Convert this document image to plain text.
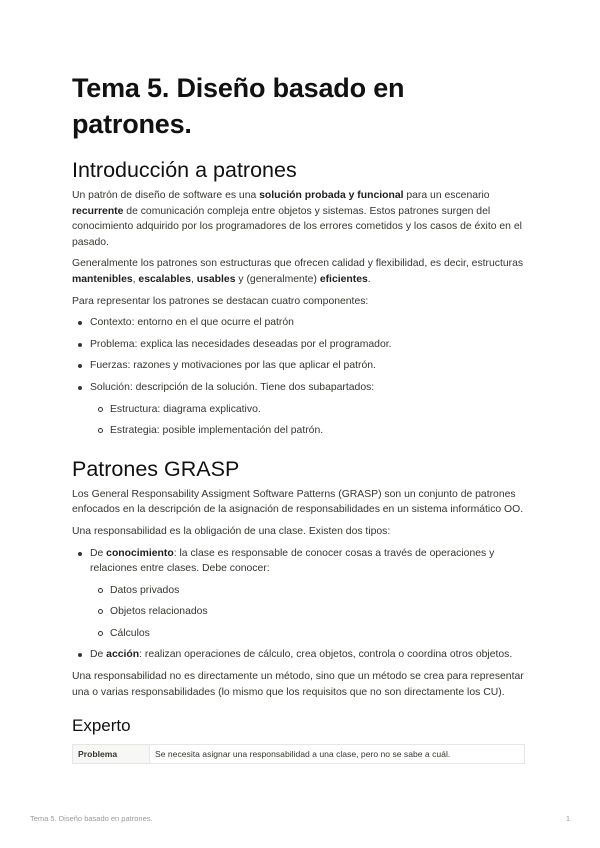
Tema 5. Diseño basado en patrones.
Introducción a patrones

Un patrón de diseño de software es una solución probada y funcional para un escenario recurrente de comunicación compleja entre objetos y sistemas. Estos patrones surgen del conocimiento adquirido por los programadores de los errores cometidos y los casos de éxito en el pasado.

Generalmente los patrones son estructuras que ofrecen calidad y flexibilidad, es decir, estructuras mantenibles, escalables, usables y (generalmente) eficientes.

Para representar los patrones se destacan cuatro componentes:

Contexto: entorno en el que ocurre el patrón
Problema: explica las necesidades deseadas por el programador.
Fuerzas: razones y motivaciones por las que aplicar el patrón.
Solución: descripción de la solución. Tiene dos subapartados:
Estructura: diagrama explicativo.
Estrategia: posible implementación del patrón.
Patrones GRASP

Los General Responsability Assigment Software Patterns (GRASP) son un conjunto de patrones enfocados en la descripción de la asignación de responsabilidades en un sistema informático OO.

Una responsabilidad es la obligación de una clase. Existen dos tipos:

De conocimiento: la clase es responsable de conocer cosas a través de operaciones y relaciones entre clases. Debe conocer:
Datos privados
Objetos relacionados
Cálculos
De acción: realizan operaciones de cálculo, crea objetos, controla o coordina otros objetos.

Una responsabilidad no es directamente un método, sino que un método se crea para representar una o varias responsabilidades (lo mismo que los requisitos que no son directamente los CU).

Experto
Problema	Se necesita asignar una responsabilidad a una clase, pero no se sabe a cuál.
Tema 5. Diseño basado en patrones.	1
